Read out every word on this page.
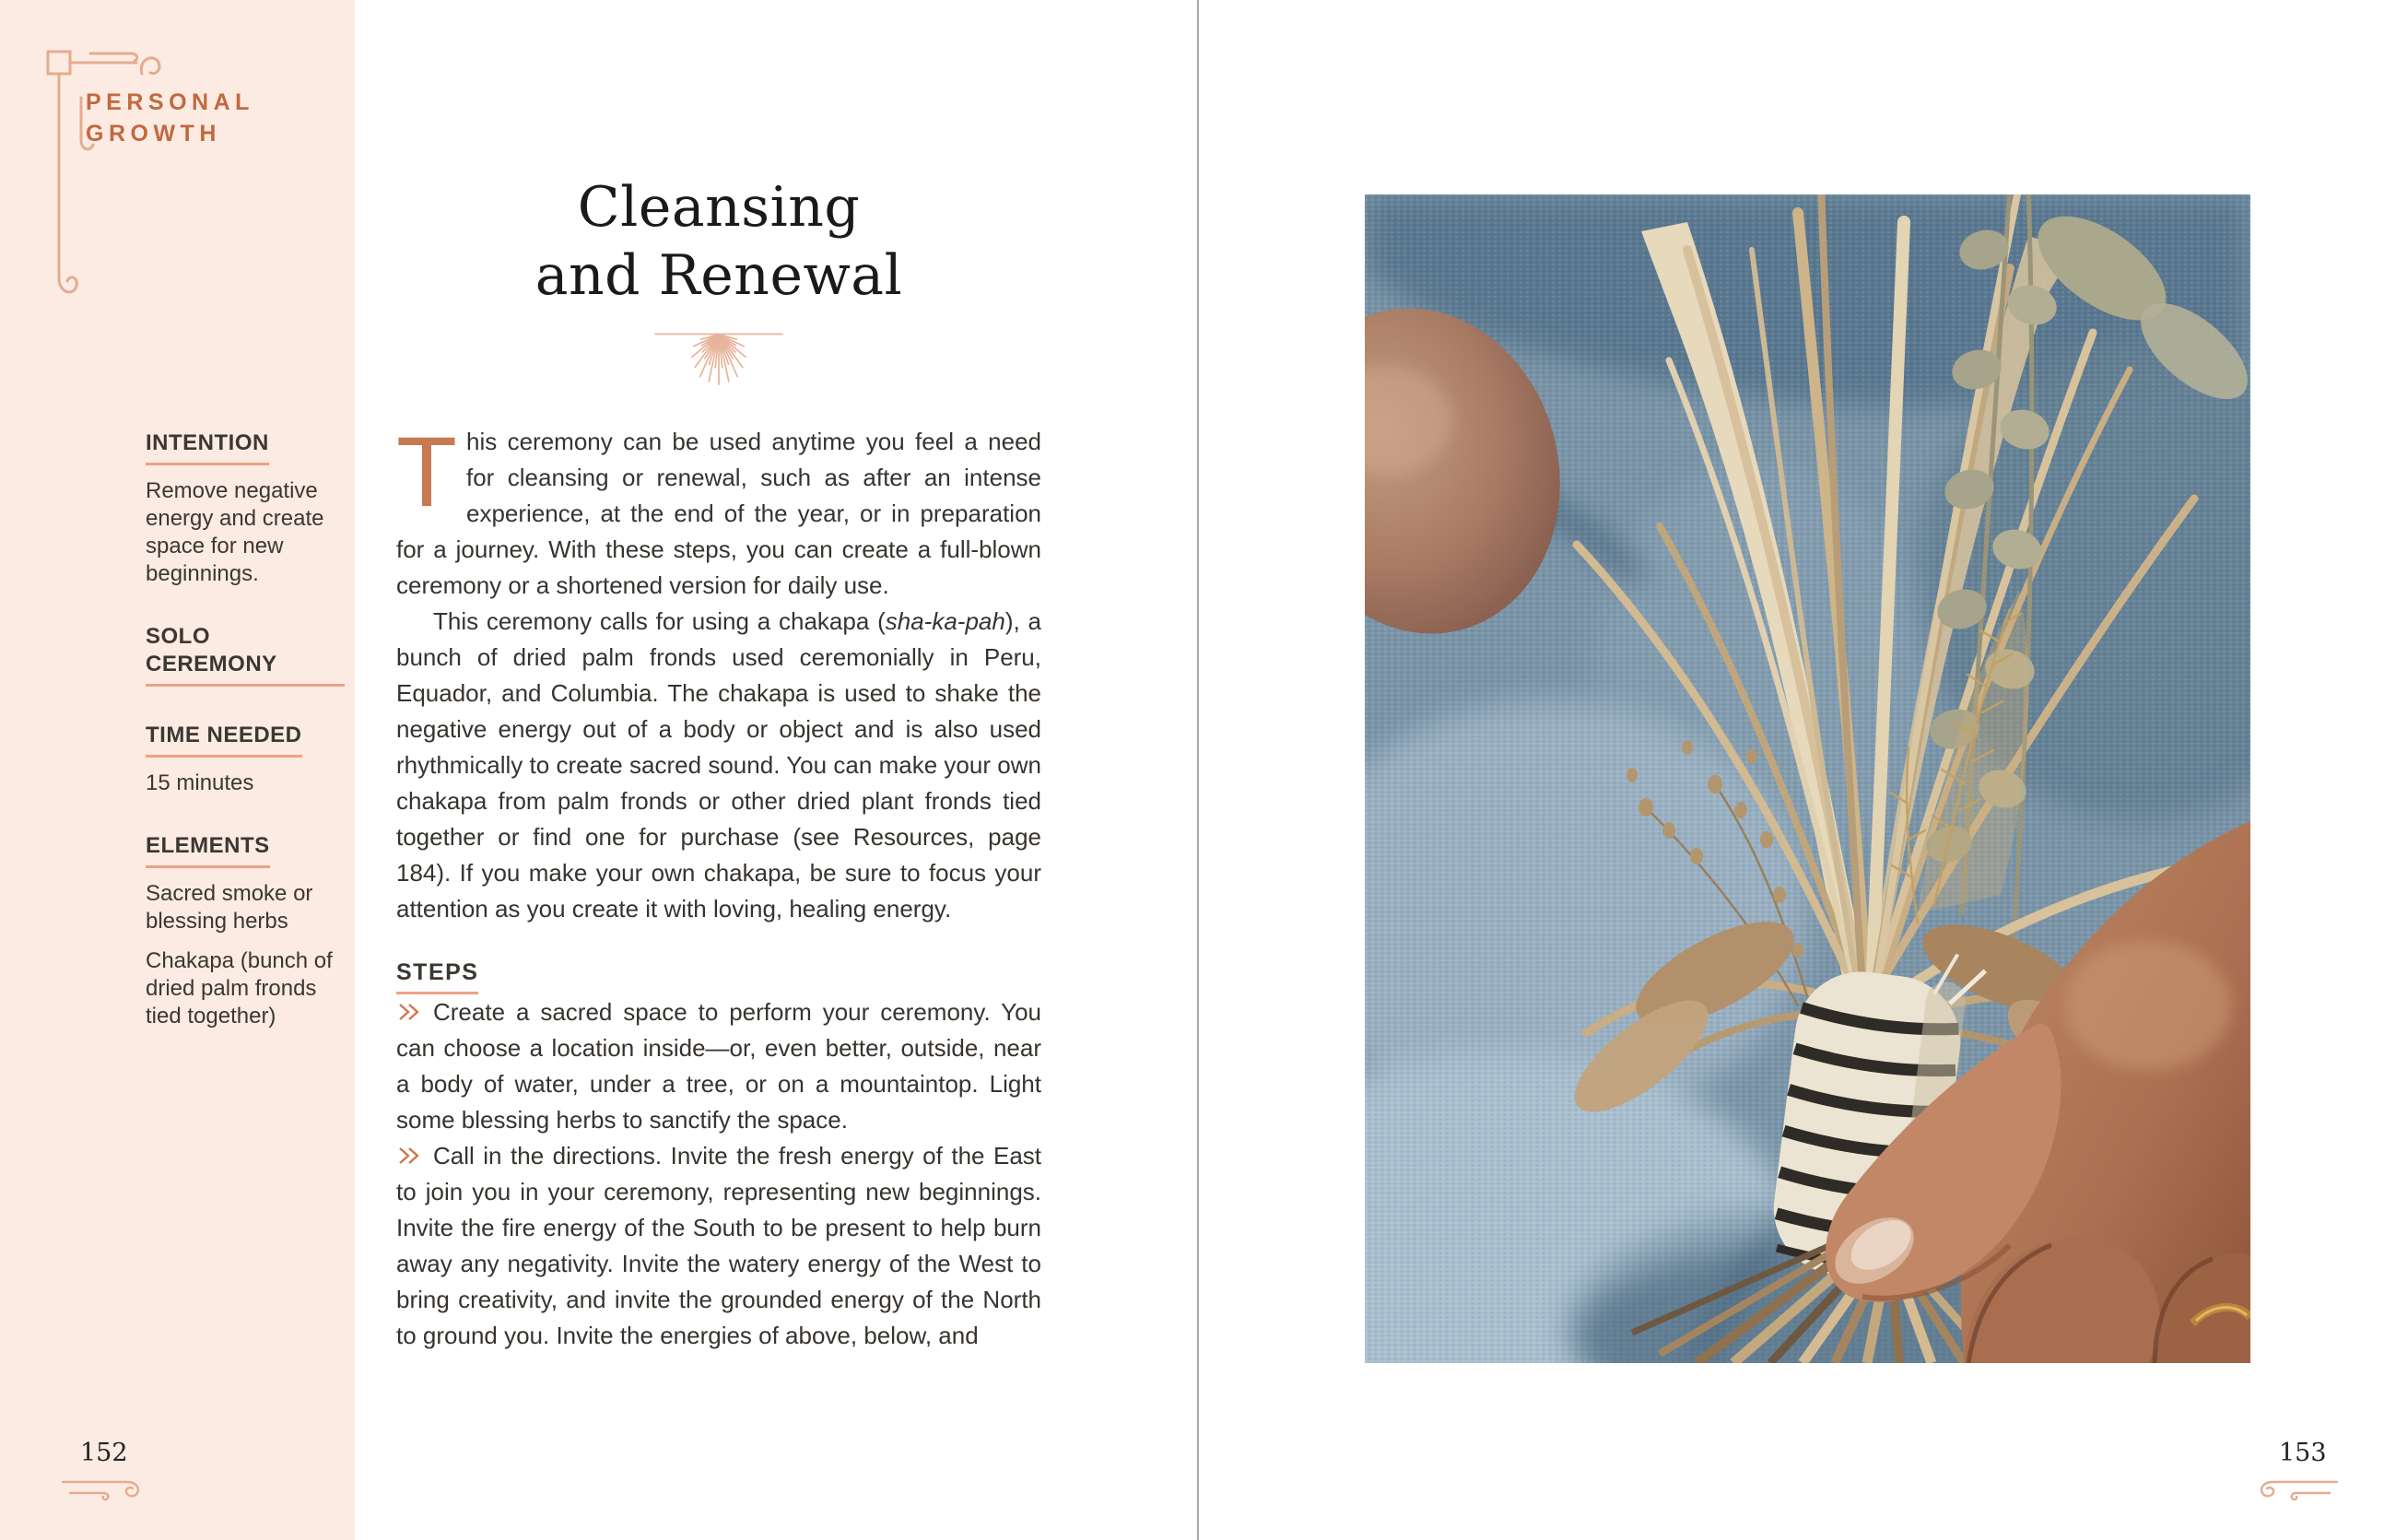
PERSONAL GROWTH
INTENTION

Remove negative energy and create space for new beginnings.

SOLO CEREMONY
TIME NEEDED

15 minutes

ELEMENTS

Sacred smoke or blessing herbs

Chakapa (bunch of dried palm fronds tied together)

Cleansing
and Renewal

This ceremony can be used anytime you feel a need for cleansing or renewal, such as after an intense experience, at the end of the year, or in preparation for a journey. With these steps, you can create a full-blown ceremony or a shortened version for daily use.

This ceremony calls for using a chakapa (sha-ka-pah), a bunch of dried palm fronds used ceremonially in Peru, Equador, and Columbia. The chakapa is used to shake the negative energy out of a body or object and is also used rhythmically to create sacred sound. You can make your own chakapa from palm fronds or other dried plant fronds tied together or find one for purchase (see Resources, page 184). If you make your own chakapa, be sure to focus your attention as you create it with loving, healing energy.

STEPS

Create a sacred space to perform your ceremony. You can choose a location inside—or, even better, outside, near a body of water, under a tree, or on a mountaintop. Light some blessing herbs to sanctify the space.

Call in the directions. Invite the fresh energy of the East to join you in your ceremony, representing new beginnings. Invite the fire energy of the South to be present to help burn away any negativity. Invite the watery energy of the West to bring creativity, and invite the grounded energy of the North to ground you. Invite the energies of above, below, and

152	153
